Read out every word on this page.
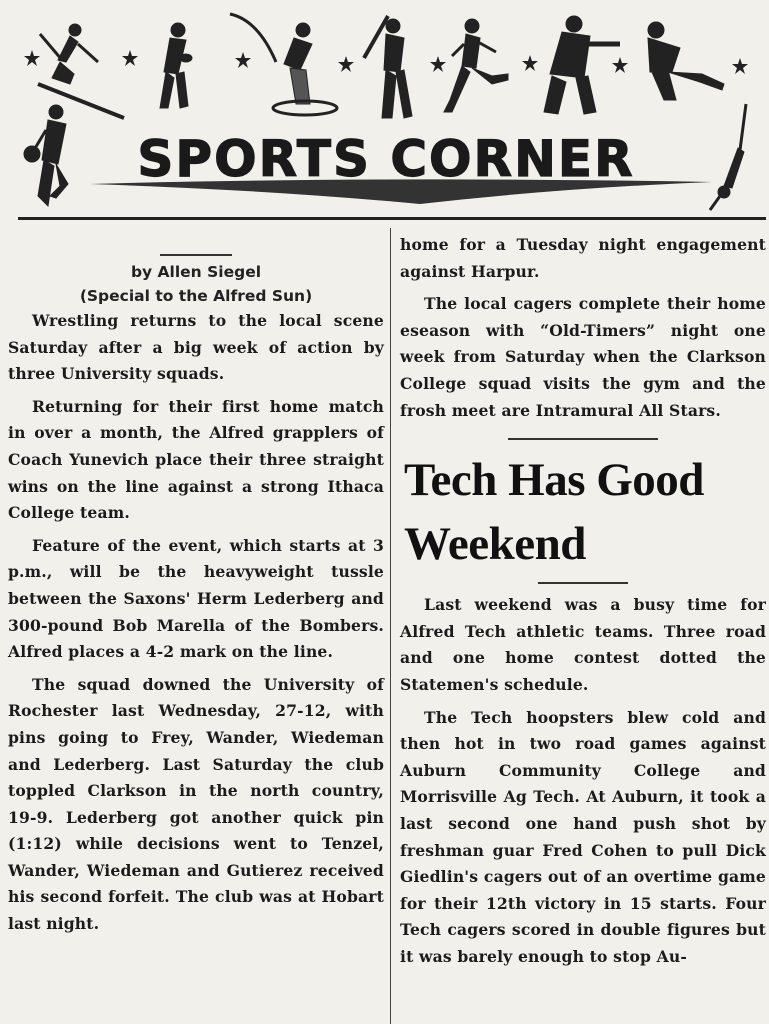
SPORTS CORNER
by Allen Siegel
(Special to the Alfred Sun)

Wrestling returns to the local scene Saturday after a big week of action by three University squads.

Returning for their first home match in over a month, the Alfred grapplers of Coach Yunevich place their three straight wins on the line against a strong Ithaca College team.

Feature of the event, which starts at 3 p.m., will be the heavyweight tussle between the Saxons' Herm Lederberg and 300-pound Bob Marella of the Bombers. Alfred places a 4-2 mark on the line.

The squad downed the University of Rochester last Wednesday, 27-12, with pins going to Frey, Wander, Wiedeman and Lederberg. Last Saturday the club toppled Clarkson in the north country, 19-9. Lederberg got another quick pin (1:12) while decisions went to Tenzel, Wander, Wiedeman and Gutierez received his second forfeit. The club was at Hobart last night.

home for a Tuesday night engagement against Harpur.

The local cagers complete their home eseason with “Old-Timers” night one week from Saturday when the Clarkson College squad visits the gym and the frosh meet are Intramural All Stars.

Tech Has Good Weekend

Last weekend was a busy time for Alfred Tech athletic teams. Three road and one home contest dotted the Statemen's schedule.

The Tech hoopsters blew cold and then hot in two road games against Auburn Community College and Morrisville Ag Tech. At Auburn, it took a last second one hand push shot by freshman guar Fred Cohen to pull Dick Giedlin's cagers out of an overtime game for their 12th victory in 15 starts. Four Tech cagers scored in double figures but it was barely enough to stop Au-
